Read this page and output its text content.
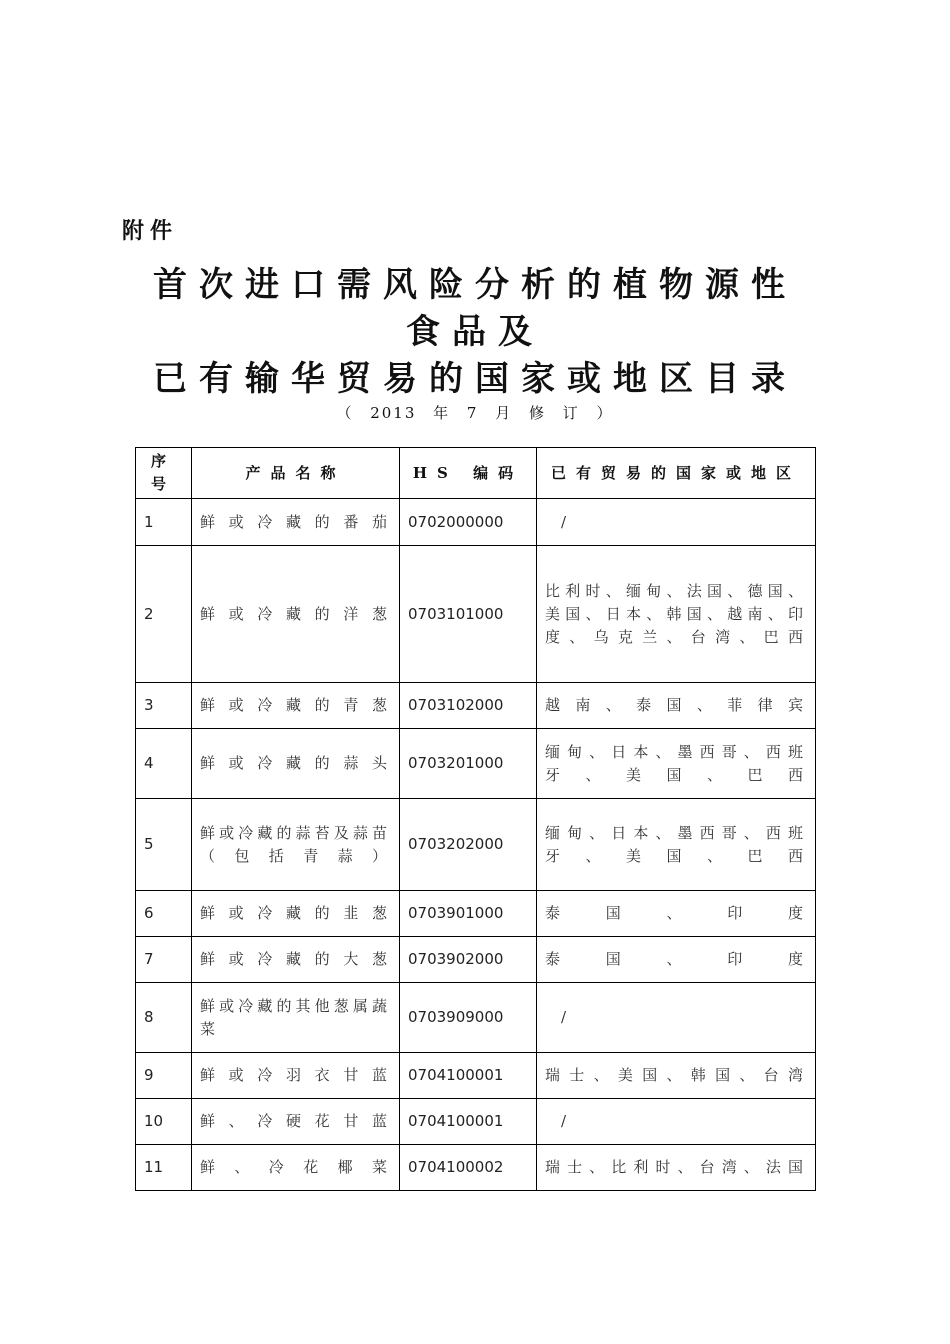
附件
首次进口需风险分析的植物源性
食品及
已有输华贸易的国家或地区目录
（ 2013 年 7 月 修 订 ）
序号	产品名称	HS 编码	已有贸易的国家或地区
1	鲜或冷藏的番茄	0702000000	/
2	鲜或冷藏的洋葱	0703101000	比利时、缅甸、法国、德国、美国、日本、韩国、越南、印度、乌克兰、台湾、巴西
3	鲜或冷藏的青葱	0703102000	越南、泰国、菲律宾
4	鲜或冷藏的蒜头	0703201000	缅甸、日本、墨西哥、西班牙、美国、巴西
5	鲜或冷藏的蒜苔及蒜苗（包括青蒜）	0703202000	缅甸、日本、墨西哥、西班牙、美国、巴西
6	鲜或冷藏的韭葱	0703901000	泰国、印度
7	鲜或冷藏的大葱	0703902000	泰国、印度
8	鲜或冷藏的其他葱属蔬菜	0703909000	/
9	鲜或冷羽衣甘蓝	0704100001	瑞士、美国、韩国、台湾
10	鲜、冷硬花甘蓝	0704100001	/
11	鲜、冷花椰菜	0704100002	瑞士、比利时、台湾、法国
